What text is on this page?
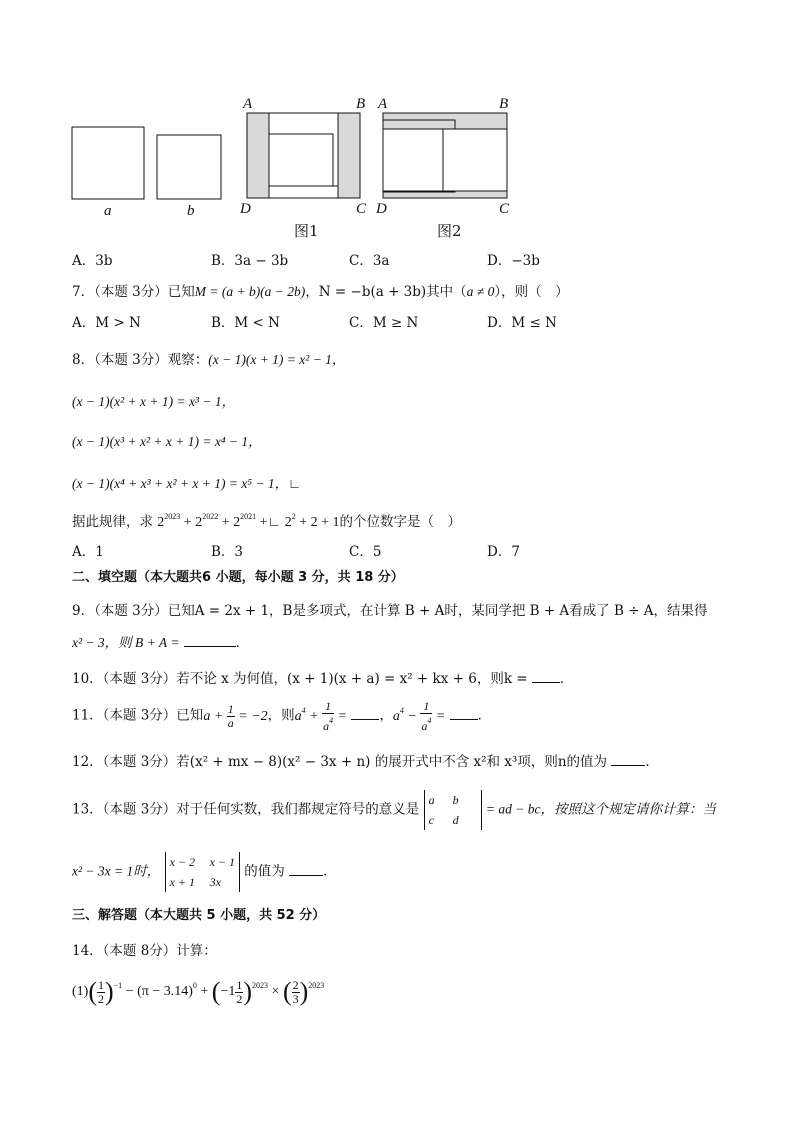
A	B
D	C
A	B
D	C
a	b
图1	图2
A．3b	B．3a − 3b	C．3a	D．−3b
7．（本题 3分）已知M = (a + b)(a − 2b)，N = −b(a + 3b)其中（a ≠ 0），则（　）
A．M > N	B．M < N	C．M ≥ N	D．M ≤ N
8．（本题 3分）观察：(x − 1)(x + 1) = x² − 1，
(x − 1)(x² + x + 1) = x³ − 1，
(x − 1)(x³ + x² + x + 1) = x⁴ − 1，
(x − 1)(x⁴ + x³ + x² + x + 1) = x⁵ − 1，∟
据此规律，求 $2^{2023} + 2^{2022} + 2^{2021}$ +∟ $2^2 + 2 + 1$的个位数字是（　）
A．1	B．3	C．5	D．7
二、填空题（本大题共6 小题，每小题 3 分，共 18 分）
9．（本题 3分）已知A = 2x + 1，B是多项式，在计算 B + A时，某同学把 B + A看成了 B ÷ A，结果得
x² − 3，则 B + A =	．
10．（本题 3分）若不论 x 为何值，(x + 1)(x + a) = x² + kx + 6，则k = ．
11．（本题 3分）已知$a + \frac{1}{a} = -2$，则$a^4 + \frac{1}{a^4}$ = ，$a^4 - \frac{1}{a^4}$ = ．
12．（本题 3分）若(x² + mx − 8)(x² − 3x + n) 的展开式中不含 x²和 x³项，则n的值为	．
13．（本题 3分）对于任何实数，我们都规定符号的意义是 a b
c d = ad − bc，按照这个规定请你计算：当
x² − 3x = 1时， x − 2 x − 1
x + 1 3x 的值为	．
三、解答题（本大题共 5 小题，共 52 分）
14．（本题 8分）计算：
$(1)( \frac{1}{2} )^{-1} - (\pi - 3.14)^0 + (-1 \frac{1}{2} )^{2023}$ × ( $\frac{2}{3} )^{2023}$
